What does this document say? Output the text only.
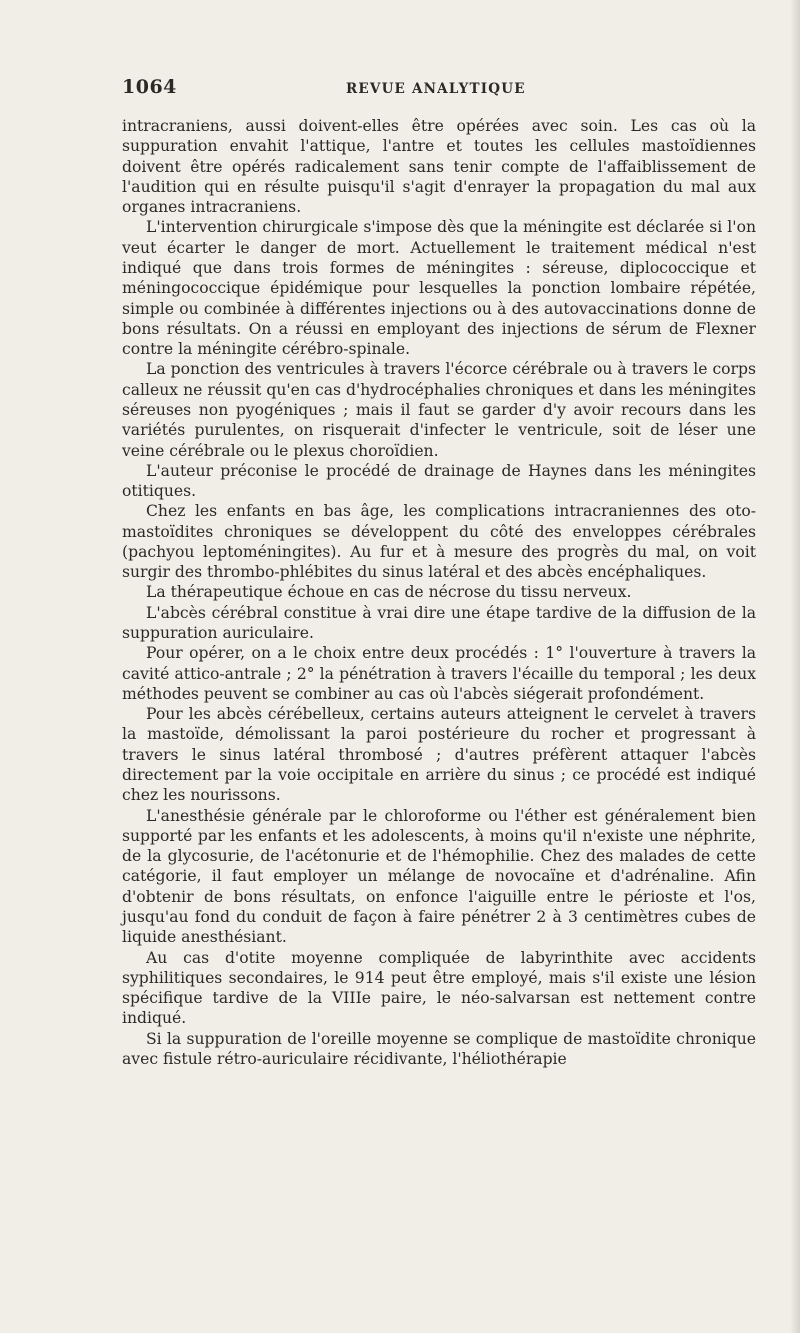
1064	REVUE ANALYTIQUE

intracraniens, aussi doivent-elles être opérées avec soin. Les cas où la suppuration envahit l'attique, l'antre et toutes les cellules mastoïdiennes doivent être opérés radicalement sans tenir compte de l'affaiblissement de l'audition qui en résulte puisqu'il s'agit d'enrayer la propagation du mal aux organes intracraniens.

L'intervention chirurgicale s'impose dès que la méningite est déclarée si l'on veut écarter le danger de mort. Actuellement le traitement médical n'est indiqué que dans trois formes de méningites : séreuse, diplococcique et méningococcique épidémique pour lesquelles la ponction lombaire répétée, simple ou combinée à différentes injections ou à des autovaccinations donne de bons résultats. On a réussi en employant des injections de sérum de Flexner contre la méningite cérébro-spinale.

La ponction des ventricules à travers l'écorce cérébrale ou à travers le corps calleux ne réussit qu'en cas d'hydrocéphalies chroniques et dans les méningites séreuses non pyogéniques ; mais il faut se garder d'y avoir recours dans les variétés purulentes, on risquerait d'infecter le ventricule, soit de léser une veine cérébrale ou le plexus choroïdien.

L'auteur préconise le procédé de drainage de Haynes dans les méningites otitiques.

Chez les enfants en bas âge, les complications intracraniennes des oto-mastoïdites chroniques se développent du côté des enveloppes cérébrales (pachyou leptoméningites). Au fur et à mesure des progrès du mal, on voit surgir des thrombo-phlébites du sinus latéral et des abcès encéphaliques.

La thérapeutique échoue en cas de nécrose du tissu nerveux.

L'abcès cérébral constitue à vrai dire une étape tardive de la diffusion de la suppuration auriculaire.

Pour opérer, on a le choix entre deux procédés : 1° l'ouverture à travers la cavité attico-antrale ; 2° la pénétration à travers l'écaille du temporal ; les deux méthodes peuvent se combiner au cas où l'abcès siégerait profondément.

Pour les abcès cérébelleux, certains auteurs atteignent le cervelet à travers la mastoïde, démolissant la paroi postérieure du rocher et progressant à travers le sinus latéral thrombosé ; d'autres préfèrent attaquer l'abcès directement par la voie occipitale en arrière du sinus ; ce procédé est indiqué chez les nourissons.

L'anesthésie générale par le chloroforme ou l'éther est généralement bien supporté par les enfants et les adolescents, à moins qu'il n'existe une néphrite, de la glycosurie, de l'acétonurie et de l'hémophilie. Chez des malades de cette catégorie, il faut employer un mélange de novocaïne et d'adrénaline. Afin d'obtenir de bons résultats, on enfonce l'aiguille entre le périoste et l'os, jusqu'au fond du conduit de façon à faire pénétrer 2 à 3 centimètres cubes de liquide anesthésiant.

Au cas d'otite moyenne compliquée de labyrinthite avec accidents syphilitiques secondaires, le 914 peut être employé, mais s'il existe une lésion spécifique tardive de la VIIIe paire, le néo-salvarsan est nettement contre indiqué.

Si la suppuration de l'oreille moyenne se complique de mastoïdite chronique avec fistule rétro-auriculaire récidivante, l'héliothérapie
